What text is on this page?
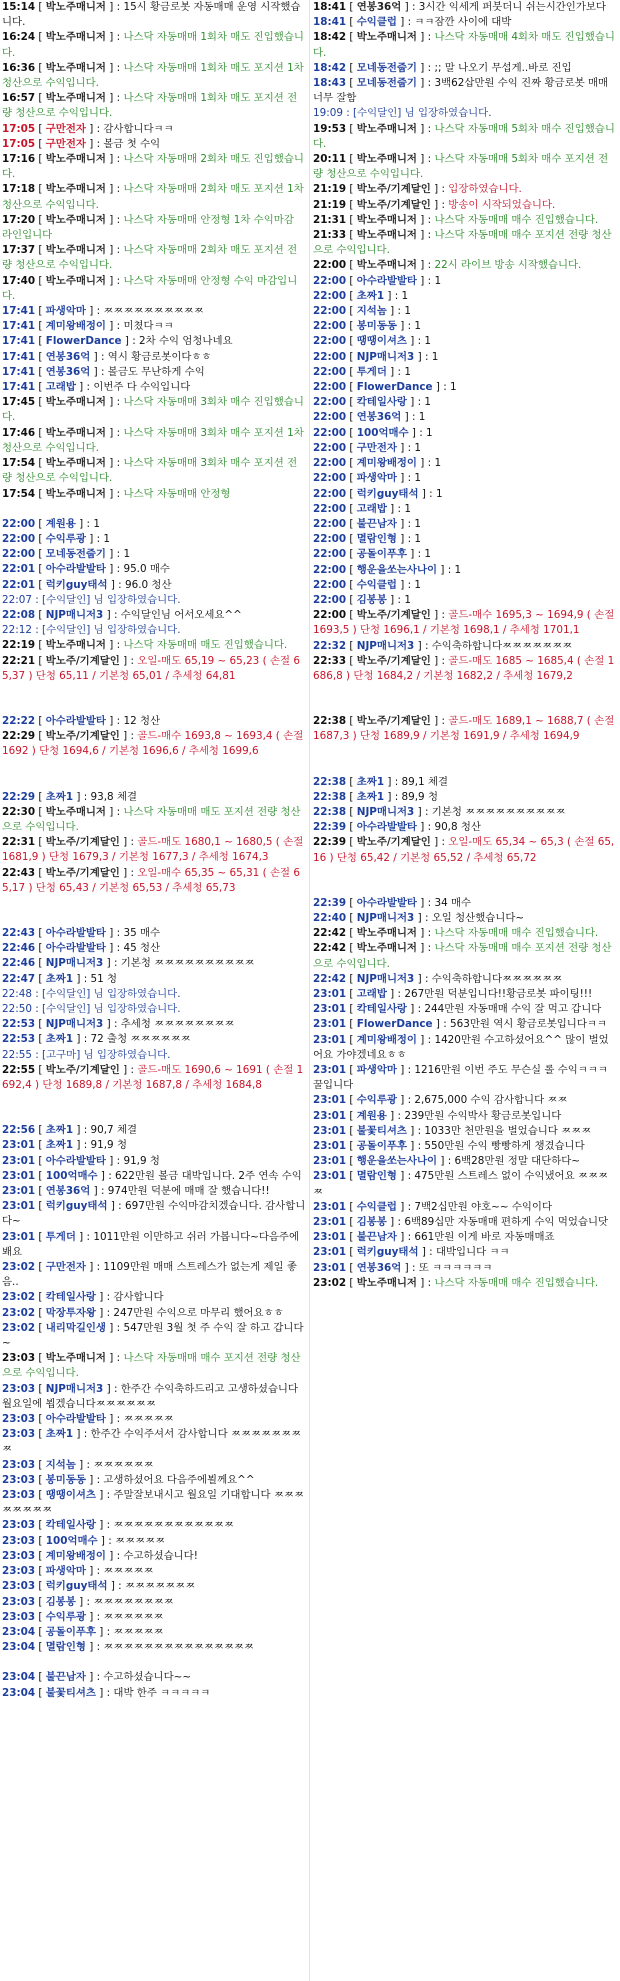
15:14 [ 박노주매니저 ] : 15시 황금로봇 자동매매 운영 시작했습니다.
16:24 [ 박노주매니저 ] : 나스닥 자동매매 1회차 매도 진입했습니다.
16:36 [ 박노주매니저 ] : 나스닥 자동매매 1회차 매도 포지션 1차 청산으로 수익입니다.
16:57 [ 박노주매니저 ] : 나스닥 자동매매 1회차 매도 포지션 전량 청산으로 수익입니다.
17:05 [ 구만전자 ] : 감사합니다ㅋㅋ
17:05 [ 구만전자 ] : 볼금 첫 수익
17:16 [ 박노주매니저 ] : 나스닥 자동매매 2회차 매도 진입했습니다.
17:18 [ 박노주매니저 ] : 나스닥 자동매매 2회차 매도 포지션 1차 청산으로 수익입니다.
17:20 [ 박노주매니저 ] : 나스닥 자동매매 안정형 1차 수익마감 라인입니다
17:37 [ 박노주매니저 ] : 나스닥 자동매매 2회차 매도 포지션 전량 청산으로 수익입니다.
17:40 [ 박노주매니저 ] : 나스닥 자동매매 안정형 수익 마감입니다.
17:41 [ 파생악마 ] : ㅉㅉㅉㅉㅉㅉㅉㅉㅉㅉ
17:41 [ 계미왕배정이 ] : 미쳤다ㅋㅋ
17:41 [ FlowerDance ] : 2차 수익 엄청나네요
17:41 [ 연봉36억 ] : 역시 황금로봇이다ㅎㅎ
17:41 [ 연봉36억 ] : 볼금도 무난하게 수익
17:41 [ 고래밥 ] : 이번주 다 수익입니다
17:45 [ 박노주매니저 ] : 나스닥 자동매매 3회차 매수 진입했습니다.
17:46 [ 박노주매니저 ] : 나스닥 자동매매 3회차 매수 포지션 1차 청산으로 수익입니다.
17:54 [ 박노주매니저 ] : 나스닥 자동매매 3회차 매수 포지션 전량 청산으로 수익입니다.
17:54 [ 박노주매니저 ] : 나스닥 자동매매 안정형
22:00 [ 계원용 ] : 1
22:00 [ 수익루광 ] : 1
22:00 [ 모네동전줍기 ] : 1
22:01 [ 아수라발발타 ] : 95.0 매수
22:01 [ 럭키guy태석 ] : 96.0 청산
22:07 : [수익달인] 님 입장하였습니다.
22:08 [ NJP매니저3 ] : 수익달인님 어서오세요^^
22:12 : [수익달인] 님 입장하였습니다.
22:19 [ 박노주매니저 ] : 나스닥 자동매매 매도 진입했습니다.
22:21 [ 박노주/기계달인 ] : 오일-매도 65,19 ~ 65,23 ( 손절 65,37 ) 단청 65,11 / 기본청 65,01 / 추세청 64,81
22:22 [ 아수라발발타 ] : 12 청산
22:29 [ 박노주/기계달인 ] : 골드-매수 1693,8 ~ 1693,4 ( 손절 1692 ) 단청 1694,6 / 기본청 1696,6 / 추세청 1699,6
22:29 [ 초짜1 ] : 93,8 체결
22:30 [ 박노주매니저 ] : 나스닥 자동매매 매도 포지션 전량 청산으로 수익입니다.
22:31 [ 박노주/기계달인 ] : 골드-매도 1680,1 ~ 1680,5 ( 손절 1681,9 ) 단청 1679,3 / 기본청 1677,3 / 추세청 1674,3
22:43 [ 박노주/기계달인 ] : 오일-매수 65,35 ~ 65,31 ( 손절 65,17 ) 단청 65,43 / 기본청 65,53 / 추세청 65,73
22:43 [ 아수라발발타 ] : 35 매수
22:46 [ 아수라발발타 ] : 45 청산
22:46 [ NJP매니저3 ] : 기본청 ㅉㅉㅉㅉㅉㅉㅉㅉㅉㅉ
22:47 [ 초짜1 ] : 51 청
22:48 : [수익달인] 님 입장하였습니다.
22:50 : [수익달인] 님 입장하였습니다.
22:53 [ NJP매니저3 ] : 추세청 ㅉㅉㅉㅉㅉㅉㅉㅉ
22:53 [ 초짜1 ] : 72 출청 ㅉㅉㅉㅉㅉㅉ
22:55 : [고구마] 님 입장하였습니다.
22:55 [ 박노주/기계달인 ] : 골드-매도 1690,6 ~ 1691 ( 손절 1692,4 ) 단청 1689,8 / 기본청 1687,8 / 추세청 1684,8
22:56 [ 초짜1 ] : 90,7 체결
23:01 [ 초짜1 ] : 91,9 청
23:01 [ 아수라발발타 ] : 91,9 청
23:01 [ 100억매수 ] : 622만원 볼금 대박입니다. 2주 연속 수익
23:01 [ 연봉36억 ] : 974만원 덕분에 매매 잘 했습니다!!
23:01 [ 럭키guy태석 ] : 697만원 수익마감치겠습니다. 감사합니다~
23:01 [ 투게더 ] : 1011만원 이만하고 쉬러 가봅니다~다음주에 봬요
23:02 [ 구만전자 ] : 1109만원 매매 스트레스가 없는게 제일 좋음..
23:02 [ 칵테일사랑 ] : 감사합니다
23:02 [ 막장투자왕 ] : 247만원 수익으로 마무리 했어요ㅎㅎ
23:02 [ 내리막길인생 ] : 547만원 3월 첫 주 수익 잘 하고 갑니다~
23:03 [ 박노주매니저 ] : 나스닥 자동매매 매수 포지션 전량 청산으로 수익입니다.
23:03 [ NJP매니저3 ] : 한주간 수익축하드리고 고생하셨습니다 월요일에 뵙겠습니다ㅉㅉㅉㅉㅉㅉ
23:03 [ 아수라발발타 ] : ㅉㅉㅉㅉㅉ
23:03 [ 초짜1 ] : 한주간 수익주셔서 감사합니다 ㅉㅉㅉㅉㅉㅉㅉㅉ
23:03 [ 지석놈 ] : ㅉㅉㅉㅉㅉㅉ
23:03 [ 봉미동동 ] : 고생하셨어요 다음주에뵐께요^^
23:03 [ 땡땡이셔츠 ] : 주말잘보내시고 월요일 기대합니다 ㅉㅉㅉㅉㅉㅉㅉㅉ
23:03 [ 칵테일사랑 ] : ㅉㅉㅉㅉㅉㅉㅉㅉㅉㅉㅉㅉ
23:03 [ 100억매수 ] : ㅉㅉㅉㅉㅉ
23:03 [ 계미왕배정이 ] : 수고하셨습니다!
23:03 [ 파생악마 ] : ㅉㅉㅉㅉㅉ
23:03 [ 럭키guy태석 ] : ㅉㅉㅉㅉㅉㅉㅉ
23:03 [ 김봉봉 ] : ㅉㅉㅉㅉㅉㅉㅉㅉ
23:03 [ 수익루광 ] : ㅉㅉㅉㅉㅉㅉ
23:04 [ 공돌이푸후 ] : ㅉㅉㅉㅉㅉ
23:04 [ 멸람인형 ] : ㅉㅉㅉㅉㅉㅉㅉㅉㅉㅉㅉㅉㅉㅉㅉ
23:04 [ 불끈남자 ] : 수고하셨습니다~~
23:04 [ 불꽃티셔츠 ] : 대박 한주 ㅋㅋㅋㅋㅋ
18:41 [ 연봉36억 ] : 3시간 익세게 퍼붓더니 쉬는시간인가보다
18:41 [ 수익클럽 ] : ㅋㅋ잠깐 사이에 대박
18:42 [ 박노주매니저 ] : 나스닥 자동매매 4회차 매도 진입했습니다.
18:42 [ 모네동전줍기 ] : ;; 말 나오기 무섭게..바로 진입
18:43 [ 모네동전줍기 ] : 3백62삽만원 수익 진짜 황금로봇 매매 너무 잘함
19:09 : [수익달인] 님 입장하였습니다.
19:53 [ 박노주매니저 ] : 나스닥 자동매매 5회차 매수 진입했습니다.
20:11 [ 박노주매니저 ] : 나스닥 자동매매 5회차 매수 포지션 전량 청산으로 수익입니다.
21:19 [ 박노주/기계달인 ] : 입장하였습니다.
21:19 [ 박노주/기계달인 ] : 방송이 시작되었습니다.
21:31 [ 박노주매니저 ] : 나스닥 자동매매 매수 진입했습니다.
21:33 [ 박노주매니저 ] : 나스닥 자동매매 매수 포지션 전량 청산으로 수익입니다.
22:00 [ 박노주매니저 ] : 22시 라이브 방송 시작했습니다.
22:00 [ 아수라발발타 ] : 1
22:00 [ 초짜1 ] : 1
22:00 [ 지석놈 ] : 1
22:00 [ 봉미동동 ] : 1
22:00 [ 땡땡이셔츠 ] : 1
22:00 [ NJP매니저3 ] : 1
22:00 [ 투게더 ] : 1
22:00 [ FlowerDance ] : 1
22:00 [ 칵테일사랑 ] : 1
22:00 [ 연봉36억 ] : 1
22:00 [ 100억매수 ] : 1
22:00 [ 구만전자 ] : 1
22:00 [ 계미왕배정이 ] : 1
22:00 [ 파생악마 ] : 1
22:00 [ 럭키guy태석 ] : 1
22:00 [ 고래밥 ] : 1
22:00 [ 불끈남자 ] : 1
22:00 [ 멸람인형 ] : 1
22:00 [ 공돌이푸후 ] : 1
22:00 [ 행운을쏘는사나이 ] : 1
22:00 [ 수익클럽 ] : 1
22:00 [ 김봉봉 ] : 1
22:00 [ 박노주/기계달인 ] : 골드-매수 1695,3 ~ 1694,9 ( 손절 1693,5 ) 단청 1696,1 / 기본청 1698,1 / 추세청 1701,1
22:32 [ NJP매니저3 ] : 수익축하합니다ㅉㅉㅉㅉㅉㅉㅉ
22:33 [ 박노주/기계달인 ] : 골드-매도 1685 ~ 1685,4 ( 손절 1686,8 ) 단청 1684,2 / 기본청 1682,2 / 추세청 1679,2
22:38 [ 박노주/기계달인 ] : 골드-매도 1689,1 ~ 1688,7 ( 손절 1687,3 ) 단청 1689,9 / 기본청 1691,9 / 추세청 1694,9
22:38 [ 초짜1 ] : 89,1 체결
22:38 [ 초짜1 ] : 89,9 청
22:38 [ NJP매니저3 ] : 기본청 ㅉㅉㅉㅉㅉㅉㅉㅉㅉㅉ
22:39 [ 아수라발발타 ] : 90,8 청산
22:39 [ 박노주/기계달인 ] : 오일-매도 65,34 ~ 65,3 ( 손절 65,16 ) 단청 65,42 / 기본청 65,52 / 추세청 65,72
22:39 [ 아수라발발타 ] : 34 매수
22:40 [ NJP매니저3 ] : 오일 청산했습니다~
22:42 [ 박노주매니저 ] : 나스닥 자동매매 매수 진입했습니다.
22:42 [ 박노주매니저 ] : 나스닥 자동매매 매수 포지션 전량 청산으로 수익입니다.
22:42 [ NJP매니저3 ] : 수익축하합니다ㅉㅉㅉㅉㅉㅉ
23:01 [ 고래밥 ] : 267만원 덕분입니다!!황금로봇 파이팅!!!
23:01 [ 칵테일사랑 ] : 244만원 자동매매 수익 잘 먹고 갑니다
23:01 [ FlowerDance ] : 563만원 역시 황금로봇입니다ㅋㅋ
23:01 [ 계미왕배정이 ] : 1420만원 수고하셨어요^^ 많이 벌었어요 가야겠네요ㅎㅎ
23:01 [ 파생악마 ] : 1216만원 이번 주도 무슨실 롤 수익ㅋㅋㅋ꿀입니다
23:01 [ 수익루광 ] : 2,675,000 수익 감사합니다 ㅉㅉ
23:01 [ 계원용 ] : 239만원 수익박사 황금로봇입니다
23:01 [ 불꽃티셔츠 ] : 1033만 천만원을 벌었습니다 ㅉㅉㅉ
23:01 [ 공돌이푸후 ] : 550만원 수익 빵빵하게 챙겼습니다
23:01 [ 행운을쏘는사나이 ] : 6백28만원 정말 대단하다~
23:01 [ 멸람인형 ] : 475만원 스트레스 없이 수익냈어요 ㅉㅉㅉㅉ
23:01 [ 수익클럽 ] : 7백2십만원 야호~~ 수익이다
23:01 [ 김봉봉 ] : 6백89십만 자동매매 편하게 수익 먹었습니닷
23:01 [ 불끈남자 ] : 661만원 이게 바로 자동매매죠
23:01 [ 럭키guy태석 ] : 대박입니다 ㅋㅋ
23:01 [ 연봉36억 ] : 또 ㅋㅋㅋㅋㅋㅋ
23:02 [ 박노주매니저 ] : 나스닥 자동매매 매수 진입했습니다.
